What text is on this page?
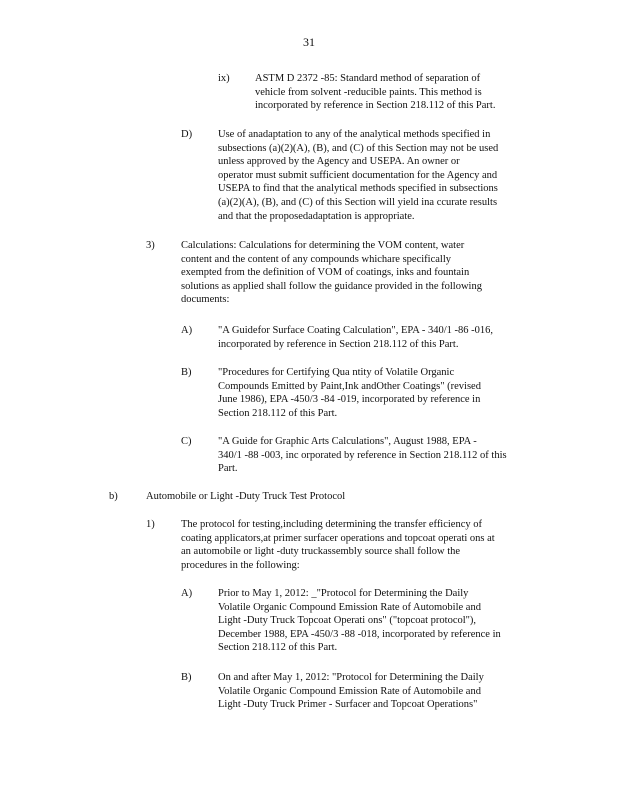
31
ix) ASTM D 2372 -85: Standard method of separation of
vehicle from solvent -reducible paints. This method is
incorporated by reference in Section 218.112 of this Part.
D) Use of anadaptation to any of the analytical methods specified in
subsections (a)(2)(A), (B), and (C) of this Section may not be used
unless approved by the Agency and USEPA. An owner or
operator must submit sufficient documentation for the Agency and
USEPA to find that the analytical methods specified in subsections
(a)(2)(A), (B), and (C) of this Section will yield ina ccurate results
and that the proposedadaptation is appropriate.
3)	Calculations: Calculations for determining the VOM content, water
content and the content of any compounds whichare specifically
exempted from the definition of VOM of coatings, inks and fountain
solutions as applied shall follow the guidance provided in the following
documents:
A) "A Guidefor Surface Coating Calculation", EPA - 340/1 -86 -016,
incorporated by reference in Section 218.112 of this Part.
B)	"Procedures for Certifying Qua ntity of Volatile Organic
Compounds Emitted by Paint,Ink andOther Coatings" (revised
June 1986), EPA -450/3 -84 -019, incorporated by reference in
Section 218.112 of this Part.
C)	"A Guide for Graphic Arts Calculations", August 1988, EPA -
340/1 -88 -003, inc orporated by reference in Section 218.112 of this
Part.
b)	Automobile or Light -Duty Truck Test Protocol
1)	The protocol for testing,including determining the transfer efficiency of
coating applicators,at primer surfacer operations and topcoat operati ons at
an automobile or light -duty truckassembly source shall follow the
procedures in the following:
A) Prior to May 1, 2012: _"Protocol for Determining the Daily
Volatile Organic Compound Emission Rate of Automobile and
Light -Duty Truck Topcoat Operati ons" ("topcoat protocol"),
December 1988, EPA -450/3 -88 -018, incorporated by reference in
Section 218.112 of this Part.
B)	On and after May 1, 2012: "Protocol for Determining the Daily
Volatile Organic Compound Emission Rate of Automobile and
Light -Duty Truck Primer - Surfacer and Topcoat Operations"
